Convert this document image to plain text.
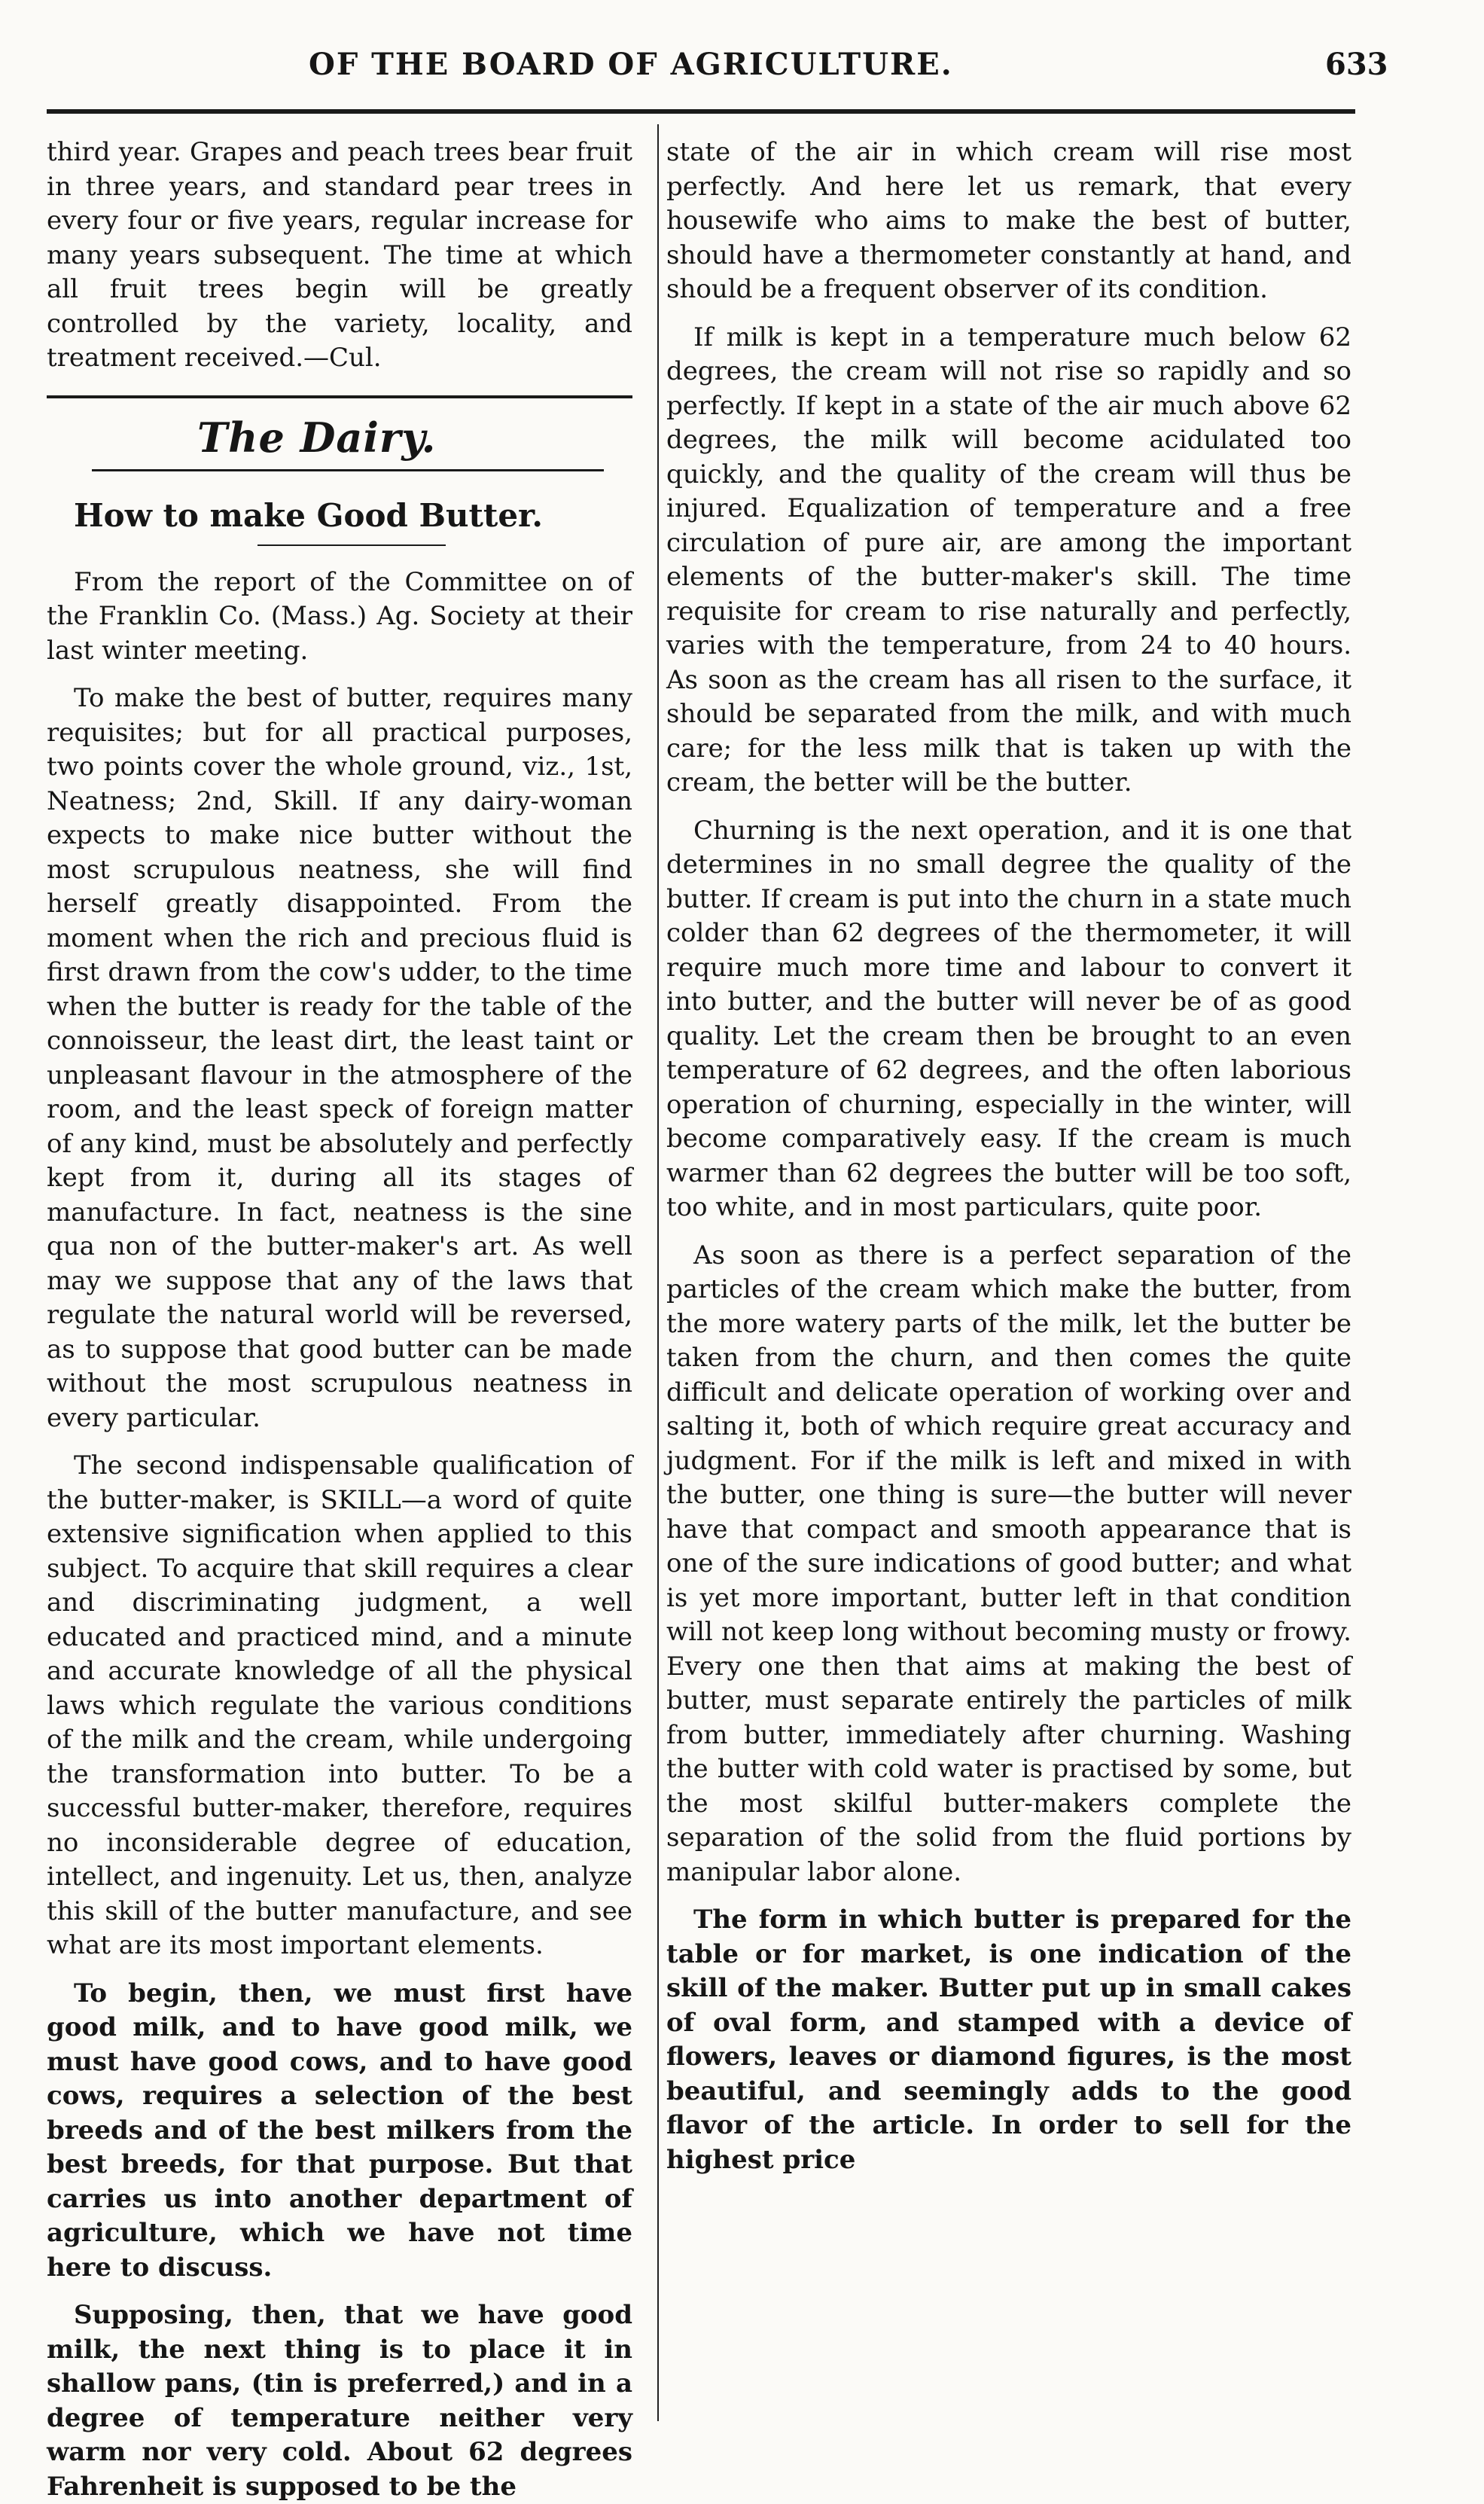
OF THE BOARD OF AGRICULTURE.	633

third year. Grapes and peach trees bear fruit in three years, and standard pear trees in every four or five years, regular increase for many years subsequent. The time at which all fruit trees begin will be greatly controlled by the variety, locality, and treatment received.—Cul.

The Dairy.
How to make Good Butter.

From the report of the Committee on of the Franklin Co. (Mass.) Ag. Society at their last winter meeting.

To make the best of butter, requires many requisites; but for all practical purposes, two points cover the whole ground, viz., 1st, Neatness; 2nd, Skill. If any dairy-woman expects to make nice butter without the most scrupulous neatness, she will find herself greatly disappointed. From the moment when the rich and precious fluid is first drawn from the cow's udder, to the time when the butter is ready for the table of the connoisseur, the least dirt, the least taint or unpleasant flavour in the atmosphere of the room, and the least speck of foreign matter of any kind, must be absolutely and perfectly kept from it, during all its stages of manufacture. In fact, neatness is the sine qua non of the butter-maker's art. As well may we suppose that any of the laws that regulate the natural world will be reversed, as to suppose that good butter can be made without the most scrupulous neatness in every particular.

The second indispensable qualification of the butter-maker, is SKILL—a word of quite extensive signification when applied to this subject. To acquire that skill requires a clear and discriminating judgment, a well educated and practiced mind, and a minute and accurate knowledge of all the physical laws which regulate the various conditions of the milk and the cream, while undergoing the transformation into butter. To be a successful butter-maker, therefore, requires no inconsiderable degree of education, intellect, and ingenuity. Let us, then, analyze this skill of the butter manufacture, and see what are its most important elements.

To begin, then, we must first have good milk, and to have good milk, we must have good cows, and to have good cows, requires a selection of the best breeds and of the best milkers from the best breeds, for that purpose. But that carries us into another department of agriculture, which we have not time here to discuss.

Supposing, then, that we have good milk, the next thing is to place it in shallow pans, (tin is preferred,) and in a degree of temperature neither very warm nor very cold. About 62 degrees Fahrenheit is supposed to be the

state of the air in which cream will rise most perfectly. And here let us remark, that every housewife who aims to make the best of butter, should have a thermometer constantly at hand, and should be a frequent observer of its condition.

If milk is kept in a temperature much below 62 degrees, the cream will not rise so rapidly and so perfectly. If kept in a state of the air much above 62 degrees, the milk will become acidulated too quickly, and the quality of the cream will thus be injured. Equalization of temperature and a free circulation of pure air, are among the important elements of the butter-maker's skill. The time requisite for cream to rise naturally and perfectly, varies with the temperature, from 24 to 40 hours. As soon as the cream has all risen to the surface, it should be separated from the milk, and with much care; for the less milk that is taken up with the cream, the better will be the butter.

Churning is the next operation, and it is one that determines in no small degree the quality of the butter. If cream is put into the churn in a state much colder than 62 degrees of the thermometer, it will require much more time and labour to convert it into butter, and the butter will never be of as good quality. Let the cream then be brought to an even temperature of 62 degrees, and the often laborious operation of churning, especially in the winter, will become comparatively easy. If the cream is much warmer than 62 degrees the butter will be too soft, too white, and in most particulars, quite poor.

As soon as there is a perfect separation of the particles of the cream which make the butter, from the more watery parts of the milk, let the butter be taken from the churn, and then comes the quite difficult and delicate operation of working over and salting it, both of which require great accuracy and judgment. For if the milk is left and mixed in with the butter, one thing is sure—the butter will never have that compact and smooth appearance that is one of the sure indications of good butter; and what is yet more important, butter left in that condition will not keep long without becoming musty or frowy. Every one then that aims at making the best of butter, must separate entirely the particles of milk from butter, immediately after churning. Washing the butter with cold water is practised by some, but the most skilful butter-makers complete the separation of the solid from the fluid portions by manipular labor alone.

The form in which butter is prepared for the table or for market, is one indication of the skill of the maker. Butter put up in small cakes of oval form, and stamped with a device of flowers, leaves or diamond figures, is the most beautiful, and seemingly adds to the good flavor of the article. In order to sell for the highest price
